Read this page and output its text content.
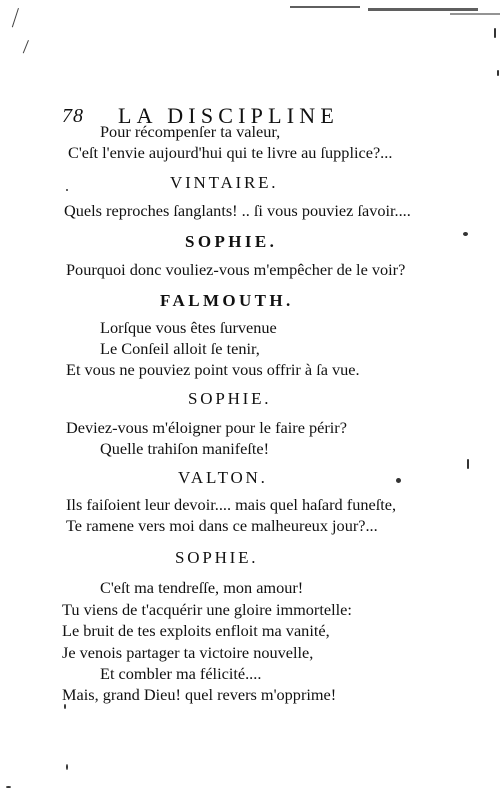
78 LA DISCIPLINE
Pour récompenſer ta valeur,
C'eſt l'envie aujourd'hui qui te livre au ſupplice?...
VINTAIRE.
Quels reproches ſanglants! .. ſi vous pouviez ſavoir....
SOPHIE.
Pourquoi donc vouliez-vous m'empêcher de le voir?
FALMOUTH.
Lorſque vous êtes ſurvenue
Le Conſeil alloit ſe tenir,
Et vous ne pouviez point vous offrir à ſa vue.
SOPHIE.
Deviez-vous m'éloigner pour le faire périr?
Quelle trahiſon manifeſte!
VALTON.
Ils faiſoient leur devoir.... mais quel haſard funeſte,
Te ramene vers moi dans ce malheureux jour?...
SOPHIE.
C'eſt ma tendreſſe, mon amour!
Tu viens de t'acquérir une gloire immortelle:
Le bruit de tes exploits enfloit ma vanité,
Je venois partager ta victoire nouvelle,
Et combler ma félicité....
Mais, grand Dieu! quel revers m'opprime!
